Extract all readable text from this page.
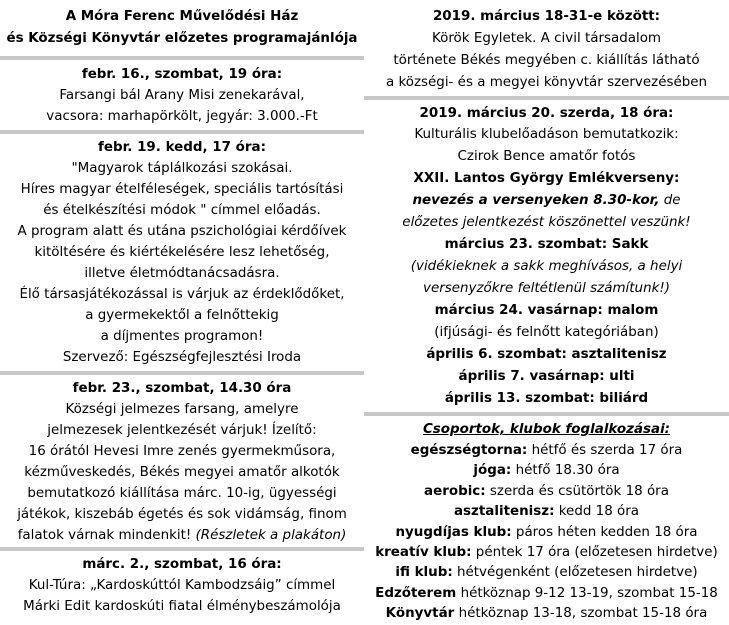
A Móra Ferenc Művelődési Ház
és Községi Könyvtár előzetes programajánlója
febr. 16., szombat, 19 óra:
Farsangi bál Arany Misi zenekarával,
vacsora: marhapörkölt, jegyár: 3.000.-Ft
febr. 19. kedd, 17 óra:
"Magyarok táplálkozási szokásai.
Híres magyar ételféleségek, speciális tartósítási
és ételkészítési módok " címmel előadás.
A program alatt és utána pszichológiai kérdőívek
kitöltésére és kiértékelésére lesz lehetőség,
illetve életmódtanácsadásra.
Élő társasjátékozással is várjuk az érdeklődőket,
a gyermekektől a felnőttekig
a díjmentes programon!
Szervező: Egészségfejlesztési Iroda
febr. 23., szombat, 14.30 óra
Községi jelmezes farsang, amelyre
jelmezesek jelentkezését várjuk! Ízelítő:
16 órától Hevesi Imre zenés gyermekműsora,
kézműveskedés, Békés megyei amatőr alkotók
bemutatkozó kiállítása márc. 10-ig, ügyességi
játékok, kiszebáb égetés és sok vidámság, finom
falatok várnak mindenkit! (Részletek a plakáton)
márc. 2., szombat, 16 óra:
Kul-Túra: „Kardoskúttól Kambodzsáig” címmel
Márki Edit kardoskúti fiatal élménybeszámolója
2019. március 18-31-e között:
Körök Egyletek. A civil társadalom
története Békés megyében c. kiállítás látható
a községi- és a megyei könyvtár szervezésében
2019. március 20. szerda, 18 óra:
Kulturális klubelőadáson bemutatkozik:
Czirok Bence amatőr fotós
XXII. Lantos György Emlékverseny:
nevezés a versenyeken 8.30-kor, de
előzetes jelentkezést köszönettel veszünk!
március 23. szombat: Sakk
(vidékieknek a sakk meghívásos, a helyi
versenyzőkre feltétlenül számítunk!)
március 24. vasárnap: malom
(ifjúsági- és felnőtt kategóriában)
április 6. szombat: asztalitenisz
április 7. vasárnap: ulti
április 13. szombat: biliárd
Csoportok, klubok foglalkozásai:
egészségtorna: hétfő és szerda 17 óra
jóga: hétfő 18.30 óra
aerobic: szerda és csütörtök 18 óra
asztalitenisz: kedd 18 óra
nyugdíjas klub: páros héten kedden 18 óra
kreatív klub: péntek 17 óra (előzetesen hirdetve)
ifi klub: hétvégenként (előzetesen hirdetve)
Edzőterem hétköznap 9-12 13-19, szombat 15-18
Könyvtár hétköznap 13-18, szombat 15-18 óra
